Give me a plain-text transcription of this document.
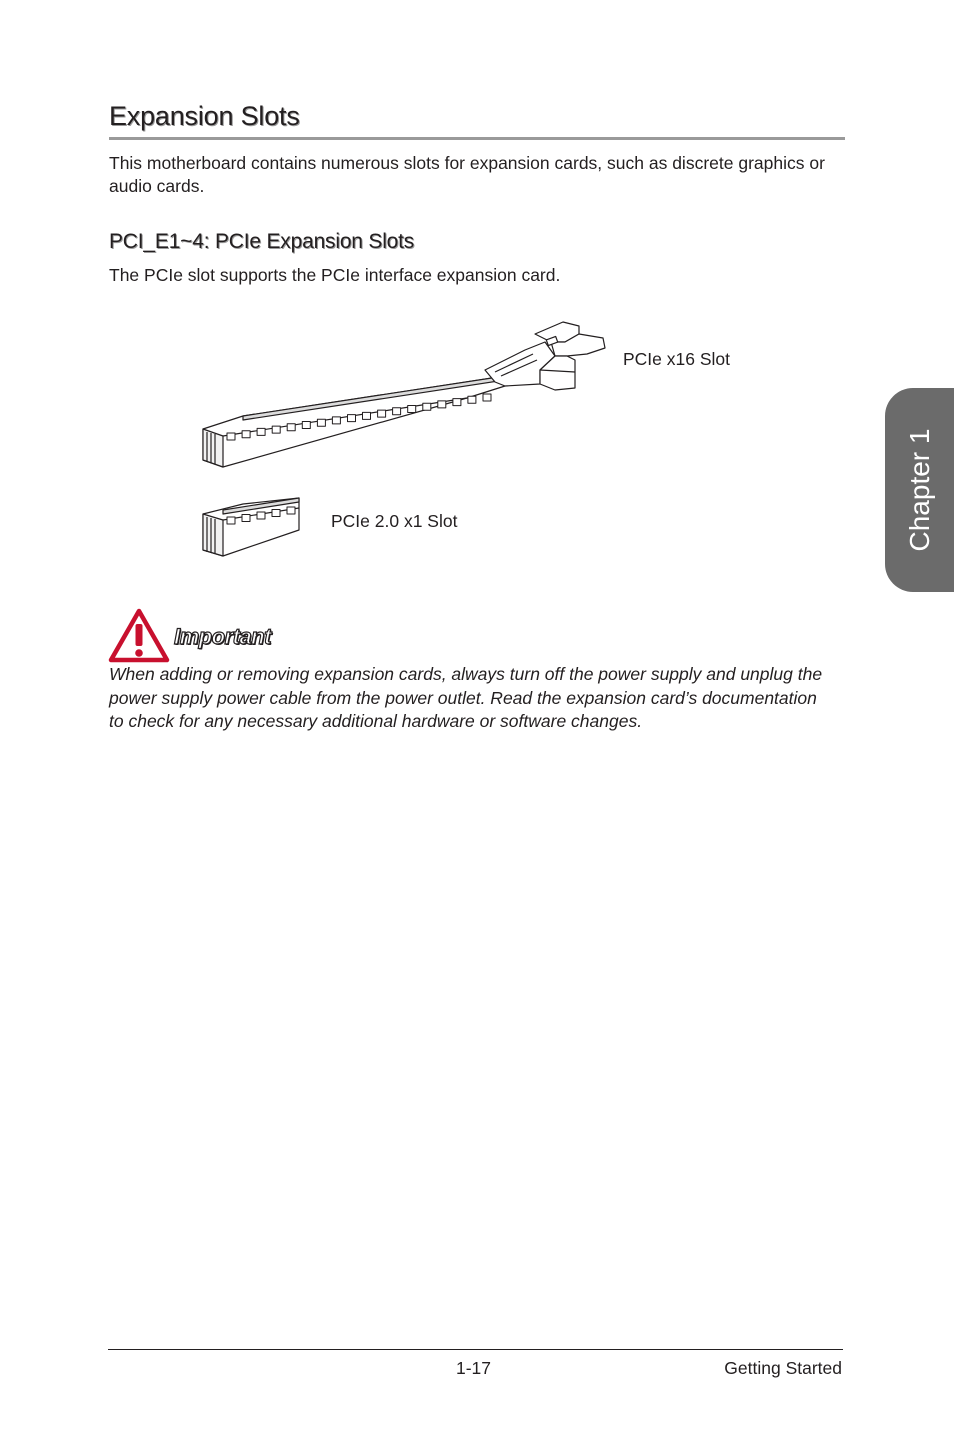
Expansion Slots

This motherboard contains numerous slots for expansion cards, such as discrete graphics or audio cards.

PCI_E1~4: PCIe Expansion Slots

The PCIe slot supports the PCIe interface expansion card.

PCIe x16 Slot

PCIe 2.0 x1 Slot

Important

When adding or removing expansion cards, always turn off the power supply and unplug the power supply power cable from the power outlet. Read the expansion card’s documentation to check for any necessary additional hardware or software changes.

Chapter 1

1-17	Getting Started
